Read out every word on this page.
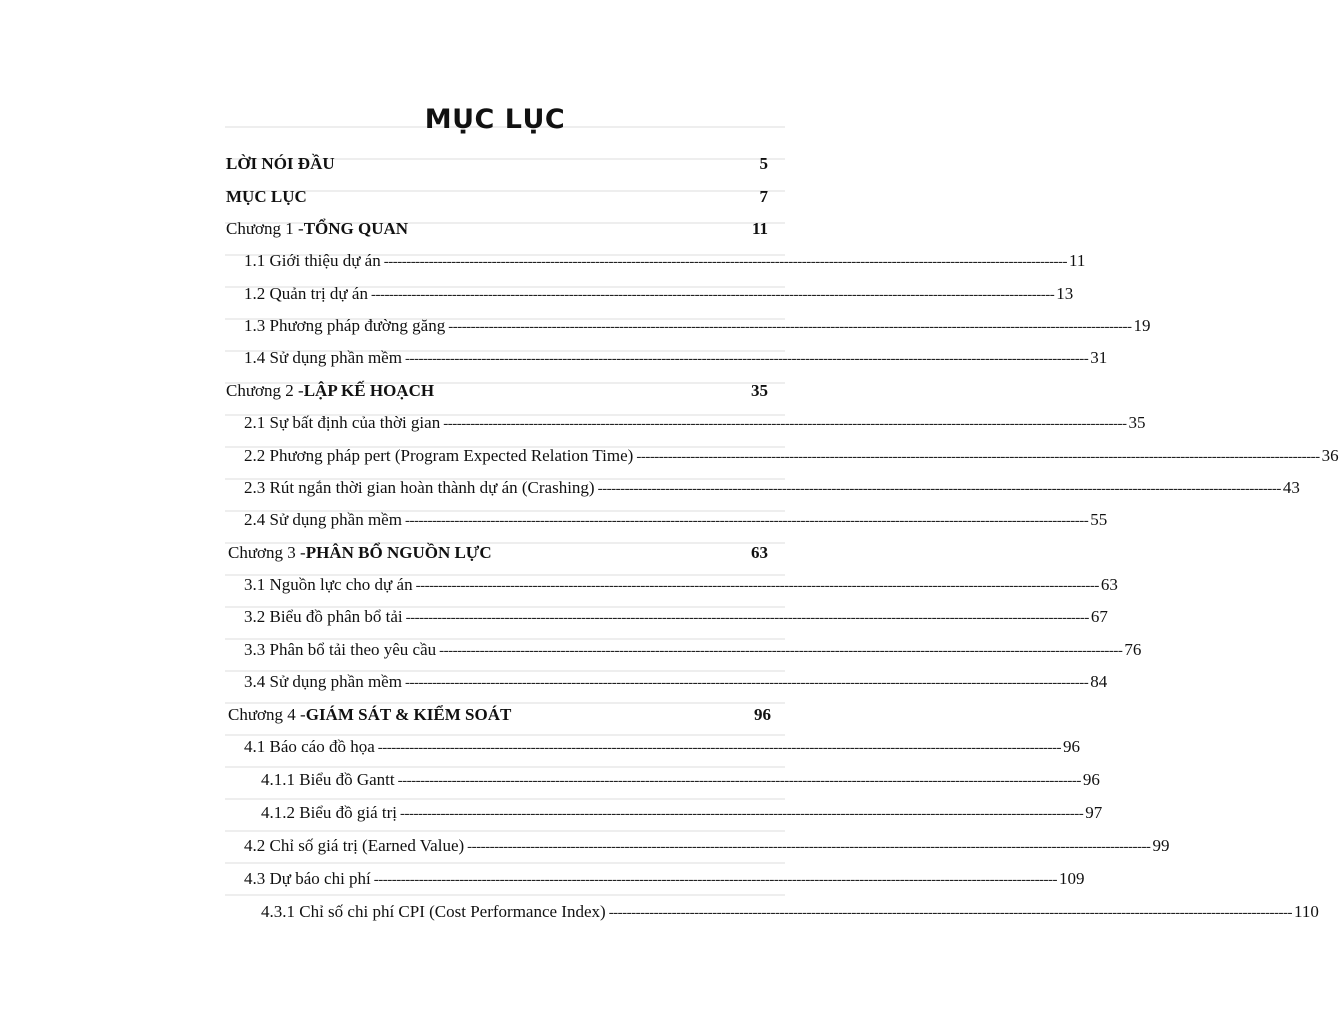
MỤC LỤC
LỜI NÓI ĐẦU	5
MỤC LỤC	7
Chương 1 - TỔNG QUAN	11
1.1 Giới thiệu dự án -------------------------------------------------------------------------------------------------------------------------------------------------------- 11
1.2 Quản trị dự án -------------------------------------------------------------------------------------------------------------------------------------------------------- 13
1.3 Phương pháp đường găng -------------------------------------------------------------------------------------------------------------------------------------------------------- 19
1.4 Sử dụng phần mềm -------------------------------------------------------------------------------------------------------------------------------------------------------- 31
Chương 2 - LẬP KẾ HOẠCH	35
2.1 Sự bất định của thời gian -------------------------------------------------------------------------------------------------------------------------------------------------------- 35
2.2 Phương pháp pert (Program Expected Relation Time) -------------------------------------------------------------------------------------------------------------------------------------------------------- 36
2.3 Rút ngắn thời gian hoàn thành dự án (Crashing) -------------------------------------------------------------------------------------------------------------------------------------------------------- 43
2.4 Sử dụng phần mềm -------------------------------------------------------------------------------------------------------------------------------------------------------- 55
Chương 3 - PHÂN BỔ NGUỒN LỰC	63
3.1 Nguồn lực cho dự án -------------------------------------------------------------------------------------------------------------------------------------------------------- 63
3.2 Biểu đồ phân bổ tải -------------------------------------------------------------------------------------------------------------------------------------------------------- 67
3.3 Phân bổ tải theo yêu cầu -------------------------------------------------------------------------------------------------------------------------------------------------------- 76
3.4 Sử dụng phần mềm -------------------------------------------------------------------------------------------------------------------------------------------------------- 84
Chương 4 - GIÁM SÁT & KIỂM SOÁT	96
4.1 Báo cáo đồ họa -------------------------------------------------------------------------------------------------------------------------------------------------------- 96
4.1.1 Biểu đồ Gantt -------------------------------------------------------------------------------------------------------------------------------------------------------- 96
4.1.2 Biểu đồ giá trị -------------------------------------------------------------------------------------------------------------------------------------------------------- 97
4.2 Chỉ số giá trị (Earned Value) -------------------------------------------------------------------------------------------------------------------------------------------------------- 99
4.3 Dự báo chi phí -------------------------------------------------------------------------------------------------------------------------------------------------------- 109
4.3.1 Chỉ số chi phí CPI (Cost Performance Index) -------------------------------------------------------------------------------------------------------------------------------------------------------- 110
